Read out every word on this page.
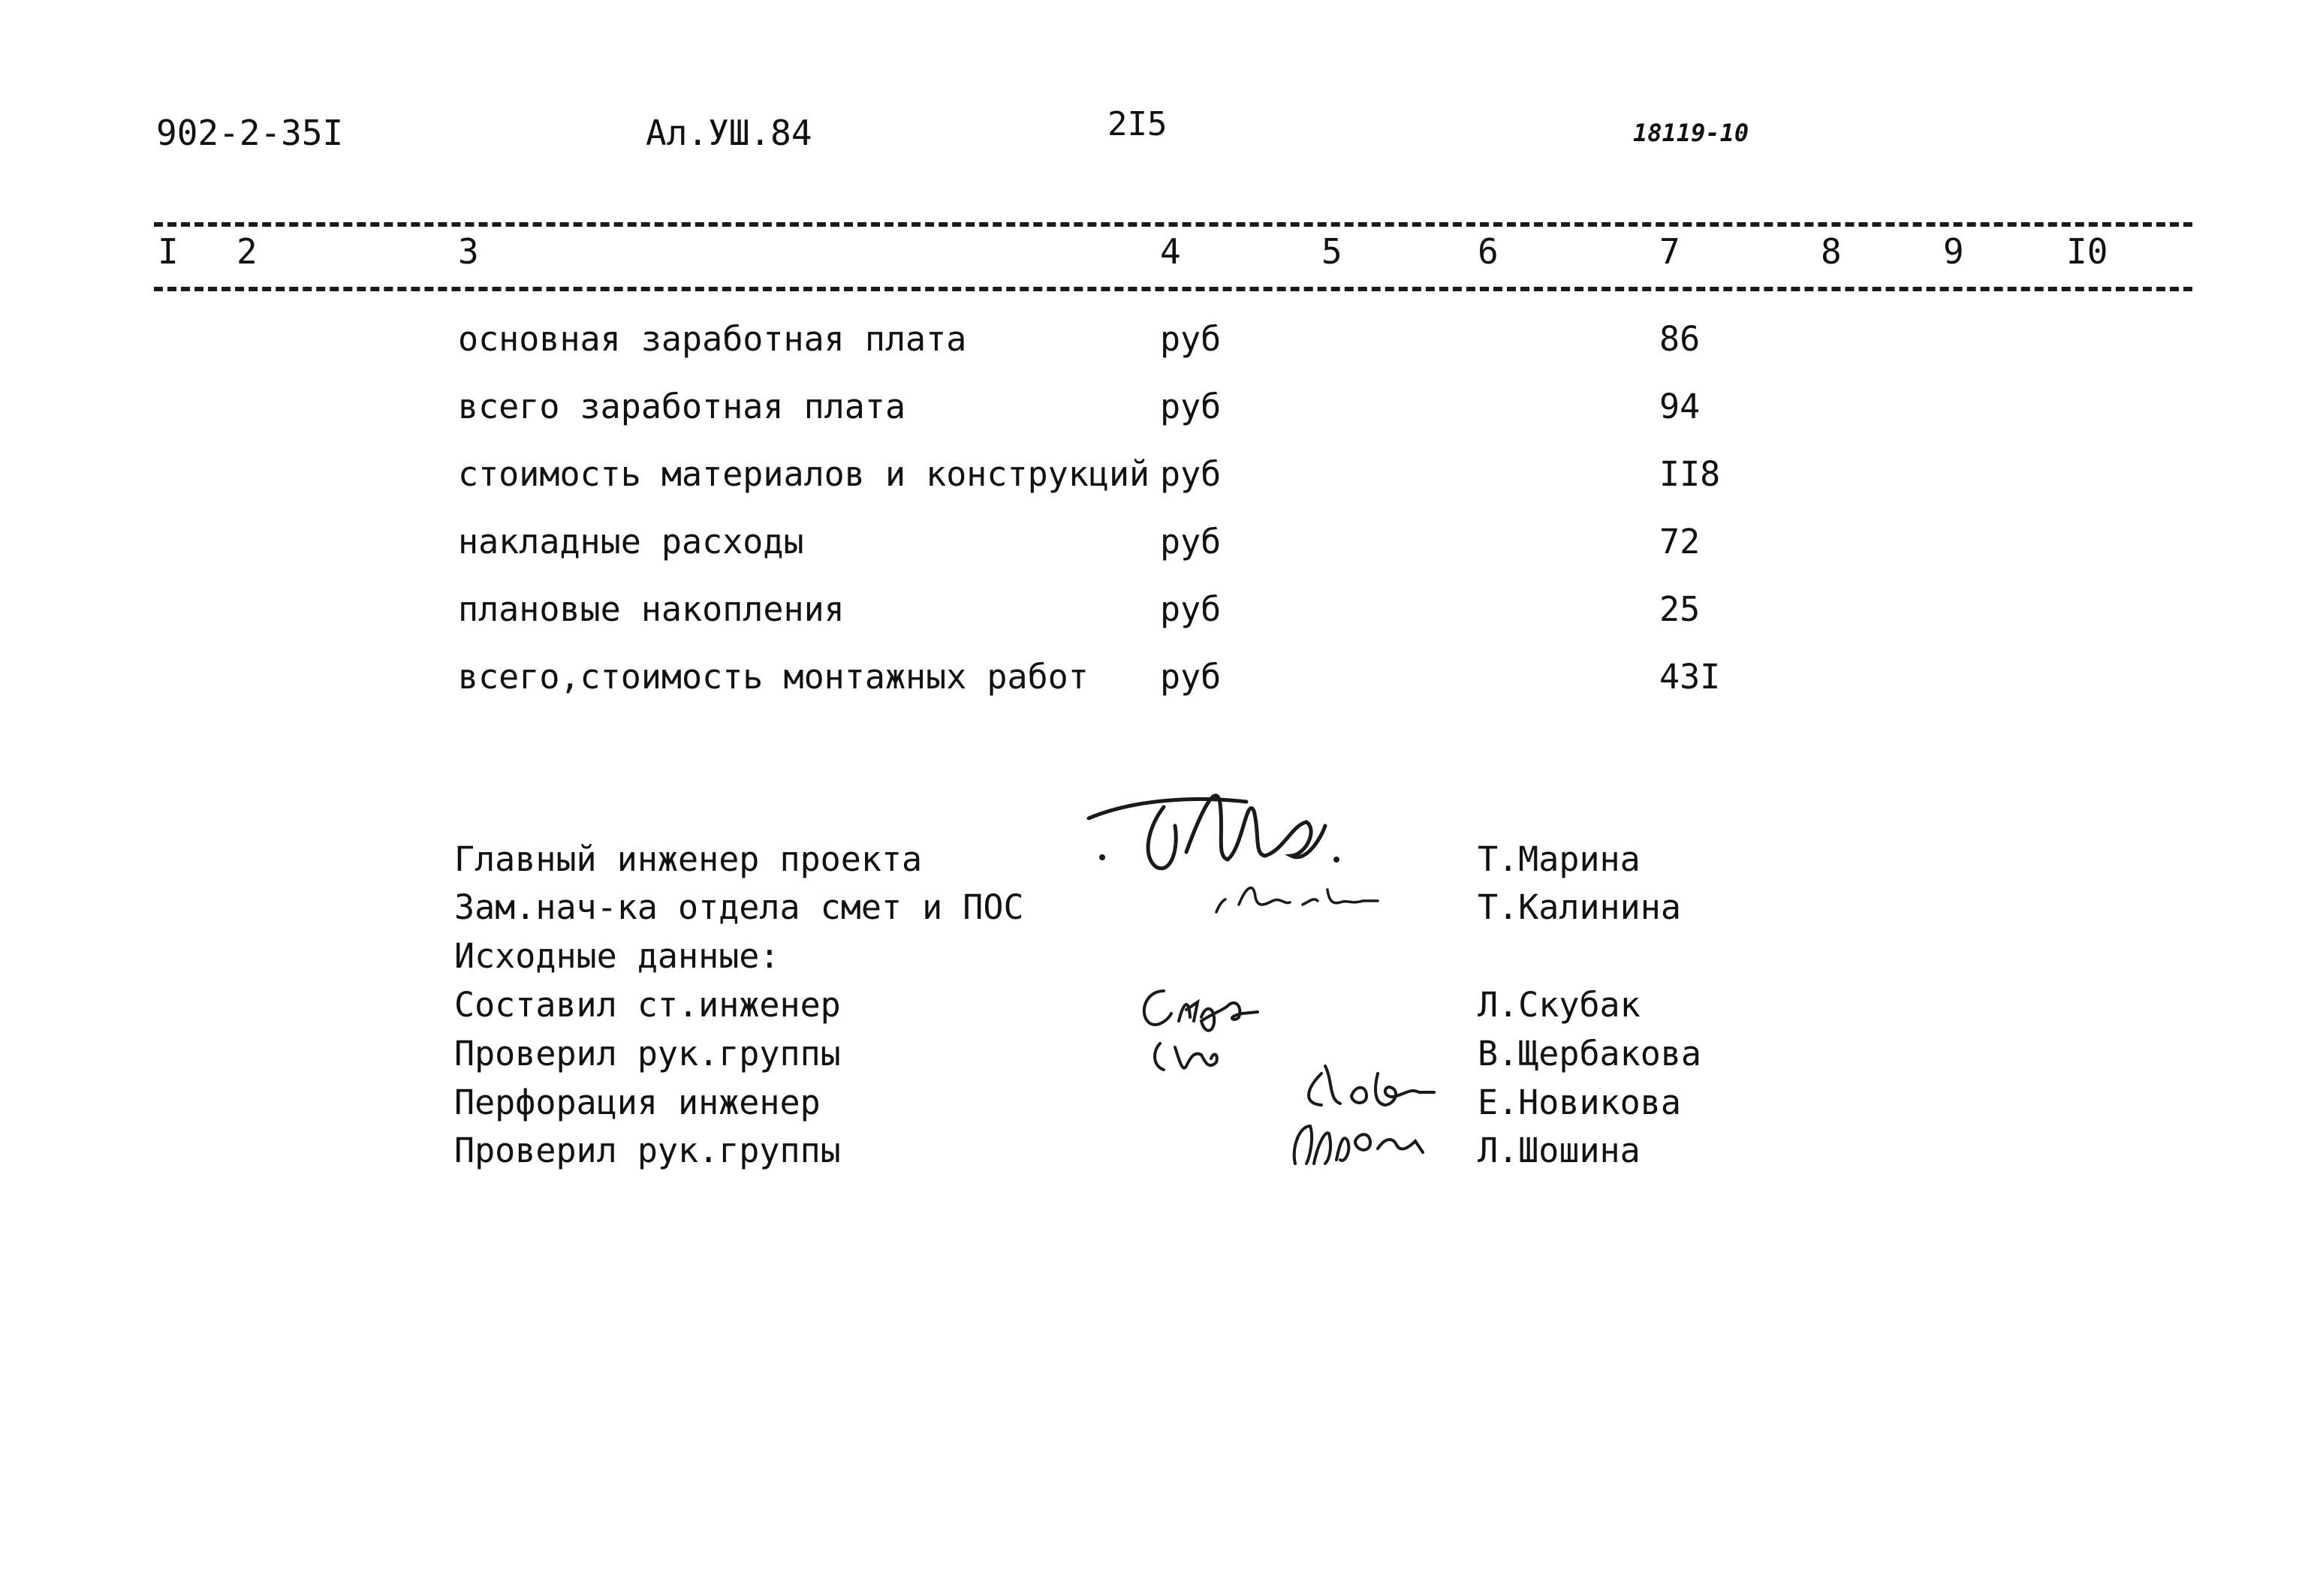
902-2-35I	Ал.УШ.84	2I5	18119-10
I 2	3	4	5	6	7	8	9	I0
основная заработная плата	руб	86
всего заработная плата	руб	94
стоимость материалов и конструкций руб	II8
накладные расходы	руб	72
плановые накопления	руб	25
всего,стоимость монтажных работ руб	43I
Главный инженер проекта	Т.Марина
Зам.нач-ка отдела смет и ПОС	Т.Калинина
Исходные данные:
Составил ст.инженер	Л.Скубак
Проверил рук.группы	В.Щербакова
Перфорация инженер	Е.Новикова
Проверил рук.группы	Л.Шошина
